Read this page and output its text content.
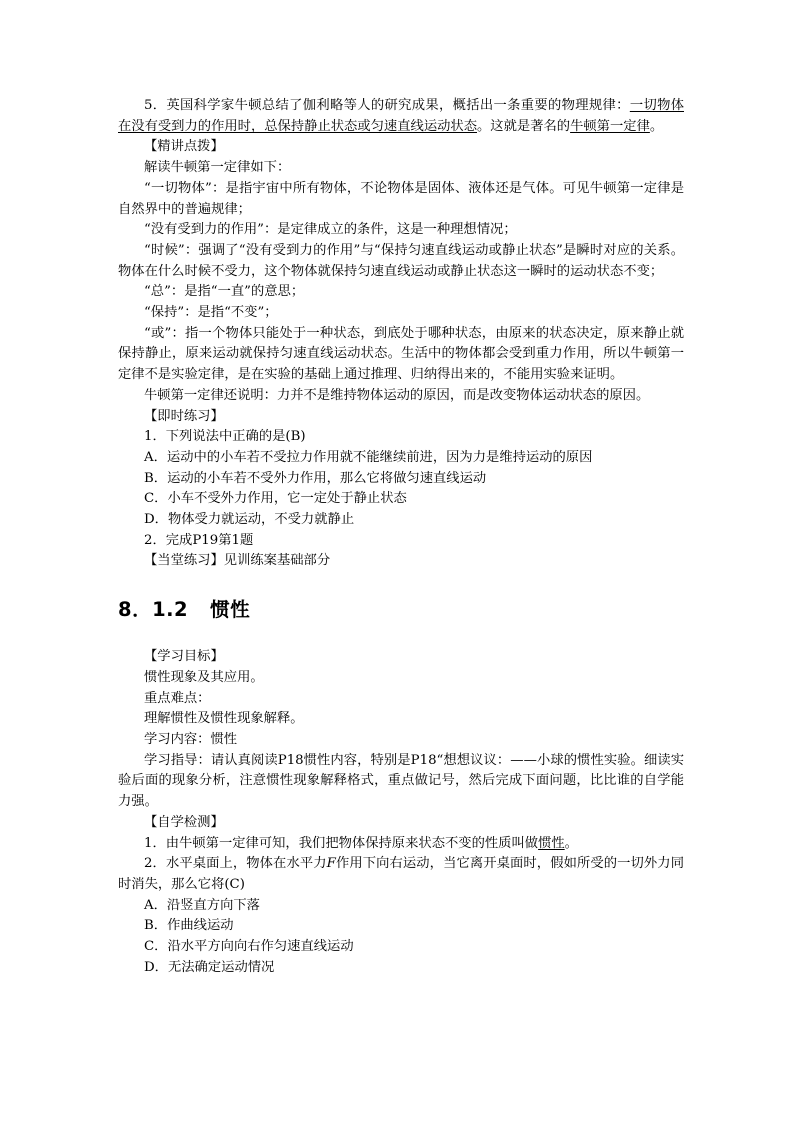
5．英国科学家牛顿总结了伽利略等人的研究成果，概括出一条重要的物理规律：一切物体在没有受到力的作用时，总保持静止状态或匀速直线运动状态。这就是著名的牛顿第一定律。

【精讲点拨】

解读牛顿第一定律如下：

“一切物体”：是指宇宙中所有物体，不论物体是固体、液体还是气体。可见牛顿第一定律是自然界中的普遍规律；

“没有受到力的作用”：是定律成立的条件，这是一种理想情况；

“时候”：强调了“没有受到力的作用”与“保持匀速直线运动或静止状态”是瞬时对应的关系。物体在什么时候不受力，这个物体就保持匀速直线运动或静止状态这一瞬时的运动状态不变；

“总”：是指“一直”的意思；

“保持”：是指“不变”；

“或”：指一个物体只能处于一种状态，到底处于哪种状态，由原来的状态决定，原来静止就保持静止，原来运动就保持匀速直线运动状态。生活中的物体都会受到重力作用，所以牛顿第一定律不是实验定律，是在实验的基础上通过推理、归纳得出来的，不能用实验来证明。

牛顿第一定律还说明：力并不是维持物体运动的原因，而是改变物体运动状态的原因。

【即时练习】

1．下列说法中正确的是(B)

A．运动中的小车若不受拉力作用就不能继续前进，因为力是维持运动的原因

B．运动的小车若不受外力作用，那么它将做匀速直线运动

C．小车不受外力作用，它一定处于静止状态

D．物体受力就运动，不受力就静止

2．完成P19第1题

【当堂练习】见训练案基础部分

8．1.2 惯性

【学习目标】

惯性现象及其应用。

重点难点：

理解惯性及惯性现象解释。

学习内容：惯性

学习指导：请认真阅读P18惯性内容，特别是P18“想想议议：——小球的惯性实验。细读实验后面的现象分析，注意惯性现象解释格式，重点做记号，然后完成下面问题，比比谁的自学能力强。

【自学检测】

1．由牛顿第一定律可知，我们把物体保持原来状态不变的性质叫做惯性。

2．水平桌面上，物体在水平力F作用下向右运动，当它离开桌面时，假如所受的一切外力同时消失，那么它将(C)

A．沿竖直方向下落

B．作曲线运动

C．沿水平方向向右作匀速直线运动

D．无法确定运动情况
